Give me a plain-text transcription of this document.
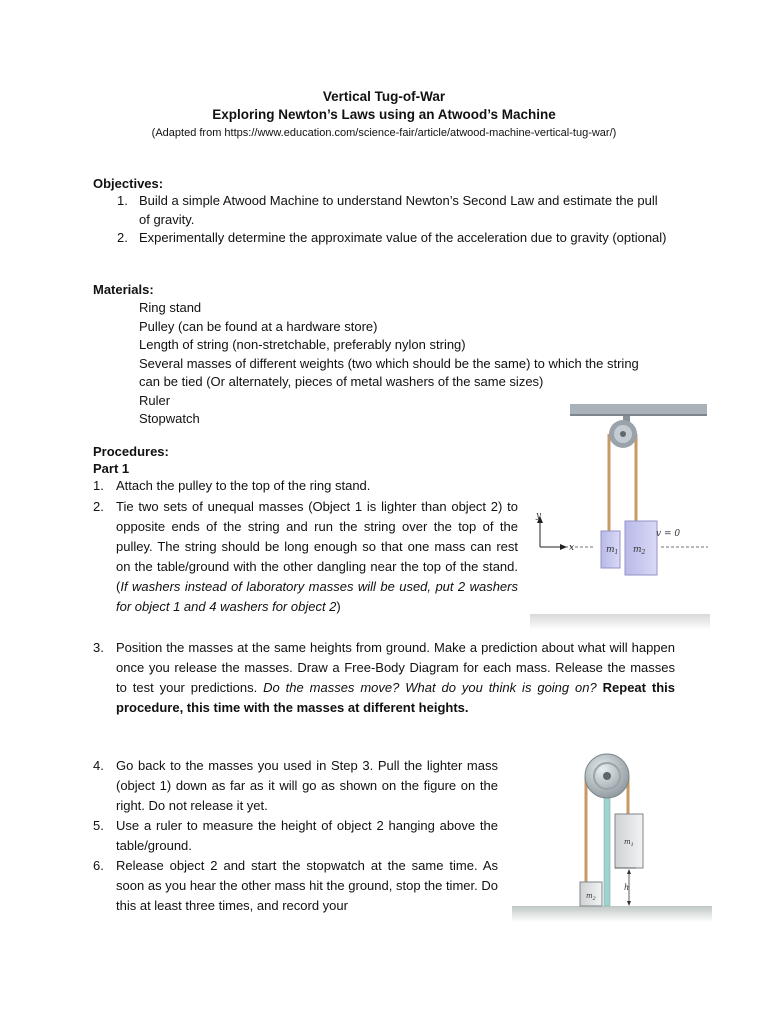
Vertical Tug-of-War
Exploring Newton’s Laws using an Atwood’s Machine
(Adapted from https://www.education.com/science-fair/article/atwood-machine-vertical-tug-war/)
Objectives:
1. Build a simple Atwood Machine to understand Newton’s Second Law and estimate the pull of gravity.
2. Experimentally determine the approximate value of the acceleration due to gravity (optional)
Materials:
Ring stand
Pulley (can be found at a hardware store)
Length of string (non-stretchable, preferably nylon string)
Several masses of different weights (two which should be the same) to which the string can be tied (Or alternately, pieces of metal washers of the same sizes)
Ruler
Stopwatch
Procedures:
Part 1
1. Attach the pulley to the top of the ring stand.
2. Tie two sets of unequal masses (Object 1 is lighter than object 2) to opposite ends of the string and run the string over the top of the pulley. The string should be long enough so that one mass can rest on the table/ground with the other dangling near the top of the stand. (If washers instead of laboratory masses will be used, put 2 washers for object 1 and 4 washers for object 2)
3. Position the masses at the same heights from ground. Make a prediction about what will happen once you release the masses. Draw a Free-Body Diagram for each mass. Release the masses to test your predictions. Do the masses move? What do you think is going on? Repeat this procedure, this time with the masses at different heights.
4. Go back to the masses you used in Step 3. Pull the lighter mass (object 1) down as far as it will go as shown on the figure on the right. Do not release it yet.
5. Use a ruler to measure the height of object 2 hanging above the table/ground.
6. Release object 2 and start the stopwatch at the same time. As soon as you hear the other mass hit the ground, stop the timer. Do this at least three times, and record your
$m_1$ $m_2$
y
x
v = 0
$m_1$
$m_2$
h
